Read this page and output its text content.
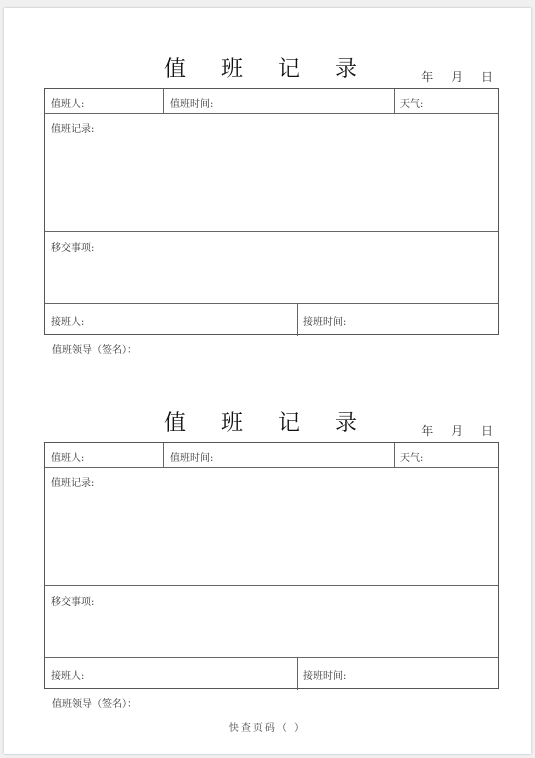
值 班 记 录	年 月 日
值班人:	值班时间:	天气:
值班记录:
移交事项:
接班人:	接班时间:
值班领导（签名）：
值 班 记 录	年 月 日
值班人:	值班时间:	天气:
值班记录:
移交事项:
接班人:	接班时间:
值班领导（签名）：
快查页码（ ）
